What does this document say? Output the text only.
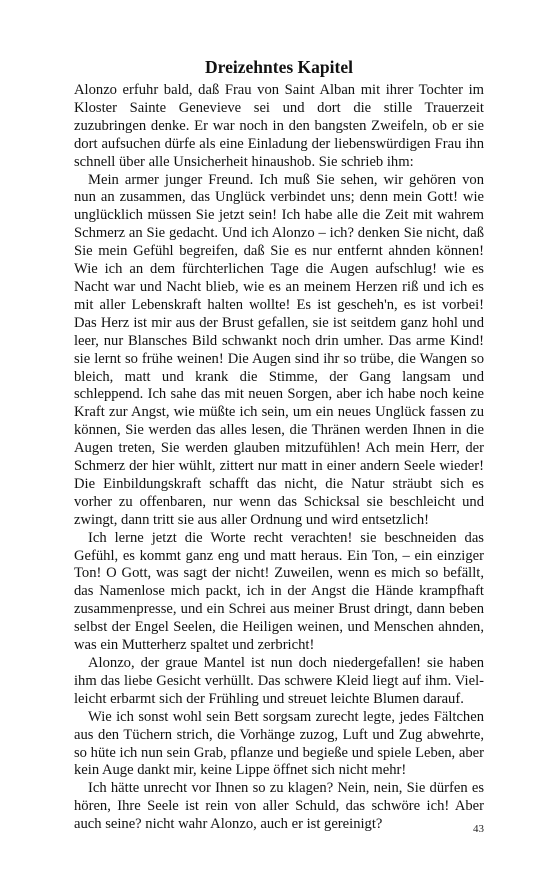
Dreizehntes Kapitel

Alonzo erfuhr bald, daß Frau von Saint Alban mit ihrer Tochter im Kloster Sainte Genevieve sei und dort die stille Trauerzeit zuzubringen denke. Er war noch in den bangsten Zweifeln, ob er sie dort aufsuchen dürfe als eine Einladung der liebenswürdigen Frau ihn schnell über alle Unsicherheit hinaushob. Sie schrieb ihm:

Mein armer junger Freund. Ich muß Sie sehen, wir gehören von nun an zusammen, das Unglück verbindet uns; denn mein Gott! wie unglücklich müssen Sie jetzt sein! Ich habe alle die Zeit mit wahrem Schmerz an Sie gedacht. Und ich Alonzo – ich? denken Sie nicht, daß Sie mein Gefühl begreifen, daß Sie es nur entfernt ahnden können! Wie ich an dem fürchterlichen Tage die Augen aufschlug! wie es Nacht war und Nacht blieb, wie es an meinem Herzen riß und ich es mit aller Lebenskraft halten wollte! Es ist gescheh'n, es ist vorbei! Das Herz ist mir aus der Brust gefallen, sie ist seitdem ganz hohl und leer, nur Blansches Bild schwankt noch drin umher. Das arme Kind! sie lernt so frühe weinen! Die Augen sind ihr so trübe, die Wangen so bleich, matt und krank die Stimme, der Gang langsam und schleppend. Ich sahe das mit neuen Sorgen, aber ich habe noch keine Kraft zur Angst, wie müßte ich sein, um ein neues Unglück fassen zu können, Sie werden das alles lesen, die Thränen werden Ihnen in die Augen treten, Sie werden glauben mitzufühlen! Ach mein Herr, der Schmerz der hier wühlt, zittert nur matt in einer andern Seele wieder! Die Einbildungskraft schafft das nicht, die Natur sträubt sich es vorher zu offenbaren, nur wenn das Schicksal sie beschleicht und zwingt, dann tritt sie aus aller Ordnung und wird entsetzlich!

Ich lerne jetzt die Worte recht verachten! sie beschneiden das Gefühl, es kommt ganz eng und matt heraus. Ein Ton, – ein einziger Ton! O Gott, was sagt der nicht! Zuweilen, wenn es mich so befällt, das Namenlose mich packt, ich in der Angst die Hände krampfhaft zusammenpresse, und ein Schrei aus meiner Brust dringt, dann beben selbst der Engel Seelen, die Heiligen weinen, und Menschen ahnden, was ein Mutterherz spaltet und zerbricht!

Alonzo, der graue Mantel ist nun doch niedergefallen! sie haben ihm das liebe Gesicht verhüllt. Das schwere Kleid liegt auf ihm. Vielleicht erbarmt sich der Frühling und streuet leichte Blumen darauf.

Wie ich sonst wohl sein Bett sorgsam zurecht legte, jedes Fältchen aus den Tüchern strich, die Vorhänge zuzog, Luft und Zug abwehrte, so hüte ich nun sein Grab, pflanze und begieße und spiele Leben, aber kein Auge dankt mir, keine Lippe öffnet sich nicht mehr!

Ich hätte unrecht vor Ihnen so zu klagen? Nein, nein, Sie dürfen es hören, Ihre Seele ist rein von aller Schuld, das schwöre ich! Aber auch seine? nicht wahr Alonzo, auch er ist gereinigt?	43
